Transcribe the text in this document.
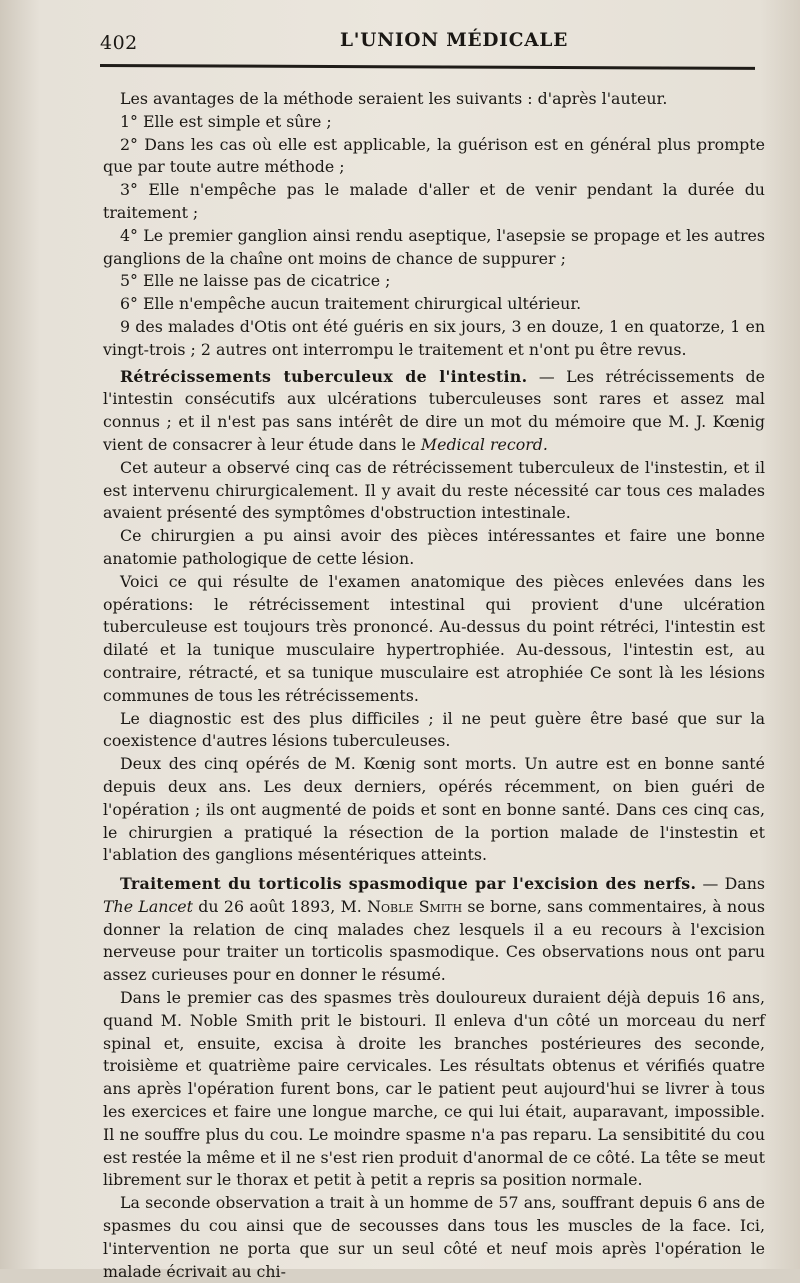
402	L'UNION MÉDICALE

Les avantages de la méthode seraient les suivants : d'après l'auteur.

1° Elle est simple et sûre ;

2° Dans les cas où elle est applicable, la guérison est en général plus prompte que par toute autre méthode ;

3° Elle n'empêche pas le malade d'aller et de venir pendant la durée du traitement ;

4° Le premier ganglion ainsi rendu aseptique, l'asepsie se propage et les autres ganglions de la chaîne ont moins de chance de suppurer ;

5° Elle ne laisse pas de cicatrice ;

6° Elle n'empêche aucun traitement chirurgical ultérieur.

9 des malades d'Otis ont été guéris en six jours, 3 en douze, 1 en quatorze, 1 en vingt-trois ; 2 autres ont interrompu le traitement et n'ont pu être revus.

Rétrécissements tuberculeux de l'intestin. — Les rétrécissements de l'intestin consécutifs aux ulcérations tuberculeuses sont rares et assez mal connus ; et il n'est pas sans intérêt de dire un mot du mémoire que M. J. Kœnig vient de consacrer à leur étude dans le Medical record.

Cet auteur a observé cinq cas de rétrécissement tuberculeux de l'instestin, et il est intervenu chirurgicalement. Il y avait du reste nécessité car tous ces malades avaient présenté des symptômes d'obstruction intestinale.

Ce chirurgien a pu ainsi avoir des pièces intéressantes et faire une bonne anatomie pathologique de cette lésion.

Voici ce qui résulte de l'examen anatomique des pièces enlevées dans les opérations: le rétrécissement intestinal qui provient d'une ulcération tuberculeuse est toujours très prononcé. Au-dessus du point rétréci, l'intestin est dilaté et la tunique musculaire hypertrophiée. Au-dessous, l'intestin est, au contraire, rétracté, et sa tunique musculaire est atrophiée Ce sont là les lésions communes de tous les rétrécissements.

Le diagnostic est des plus difficiles ; il ne peut guère être basé que sur la coexistence d'autres lésions tuberculeuses.

Deux des cinq opérés de M. Kœnig sont morts. Un autre est en bonne santé depuis deux ans. Les deux derniers, opérés récemment, on bien guéri de l'opération ; ils ont augmenté de poids et sont en bonne santé. Dans ces cinq cas, le chirurgien a pratiqué la résection de la portion malade de l'instestin et l'ablation des ganglions mésentériques atteints.

Traitement du torticolis spasmodique par l'excision des nerfs. — Dans The Lancet du 26 août 1893, M. Noble Smith se borne, sans commentaires, à nous donner la relation de cinq malades chez lesquels il a eu recours à l'excision nerveuse pour traiter un torticolis spasmodique. Ces observations nous ont paru assez curieuses pour en donner le résumé.

Dans le premier cas des spasmes très douloureux duraient déjà depuis 16 ans, quand M. Noble Smith prit le bistouri. Il enleva d'un côté un morceau du nerf spinal et, ensuite, excisa à droite les branches postérieures des seconde, troisième et quatrième paire cervicales. Les résultats obtenus et vérifiés quatre ans après l'opération furent bons, car le patient peut aujourd'hui se livrer à tous les exercices et faire une longue marche, ce qui lui était, auparavant, impossible. Il ne souffre plus du cou. Le moindre spasme n'a pas reparu. La sensibitité du cou est restée la même et il ne s'est rien produit d'anormal de ce côté. La tête se meut librement sur le thorax et petit à petit a repris sa position normale.

La seconde observation a trait à un homme de 57 ans, souffrant depuis 6 ans de spasmes du cou ainsi que de secousses dans tous les muscles de la face. Ici, l'intervention ne porta que sur un seul côté et neuf mois après l'opération le malade écrivait au chi-
